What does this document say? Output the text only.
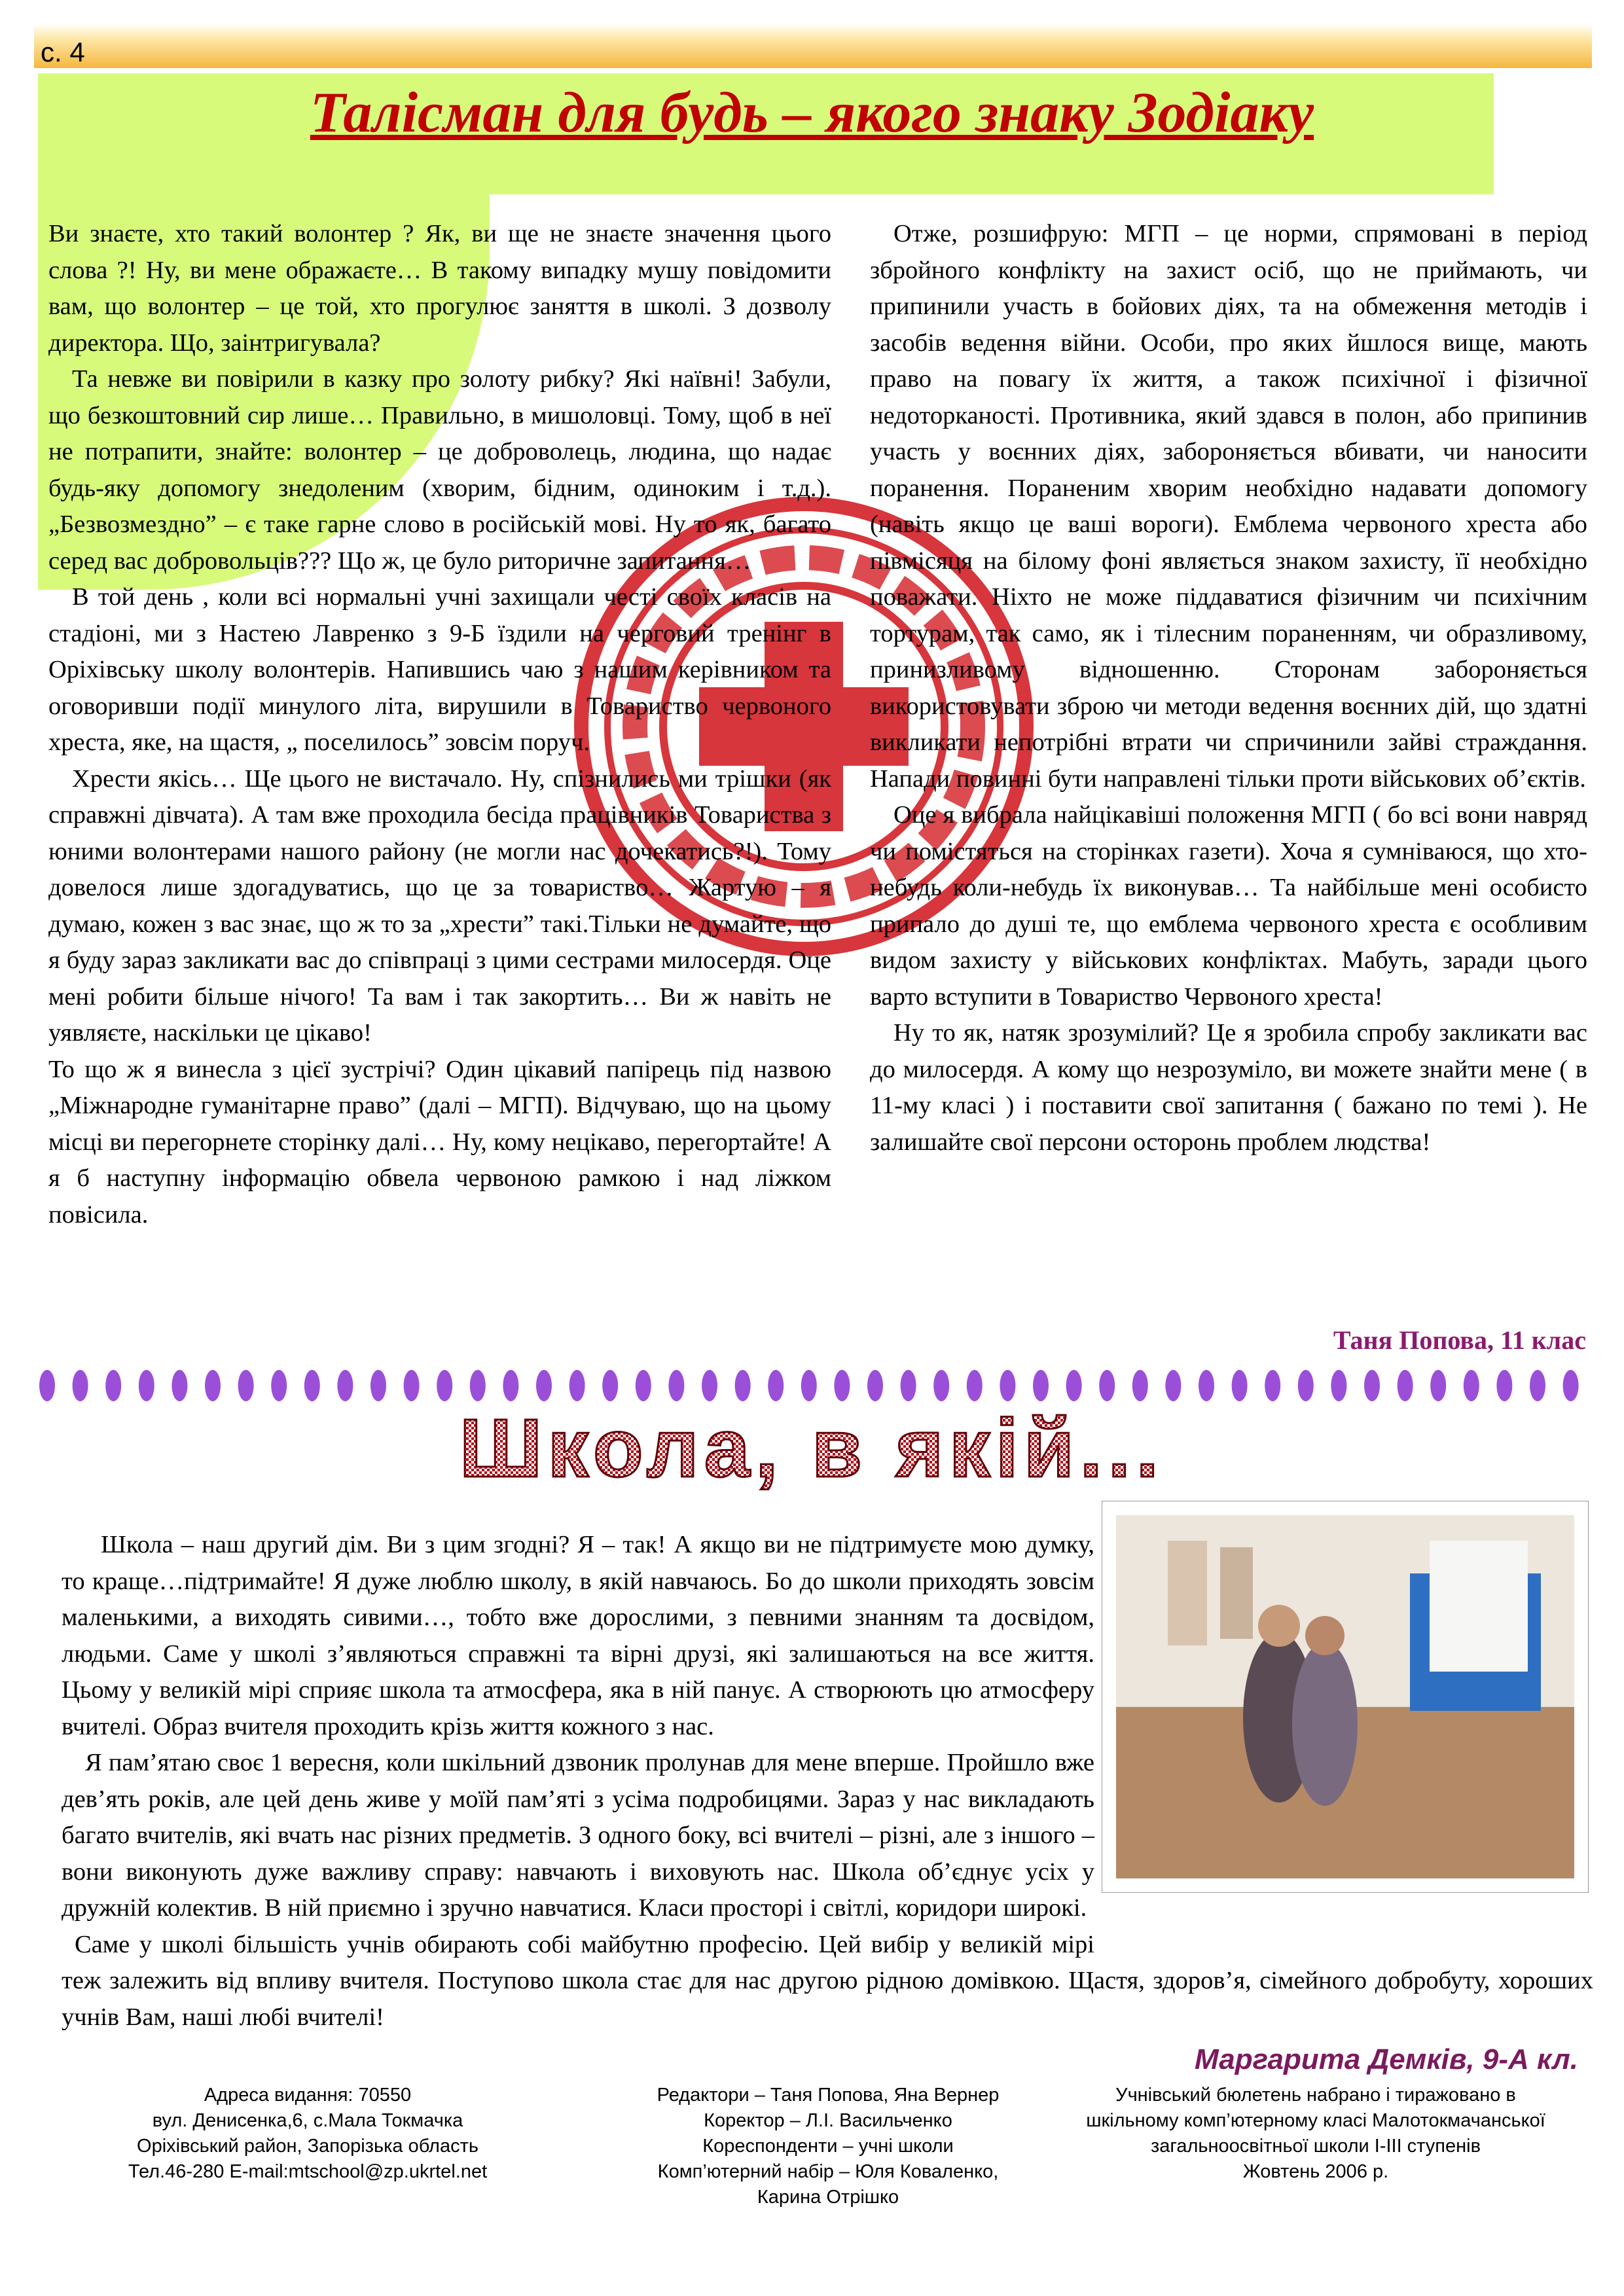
с. 4
Талісман для будь – якого знаку Зодіаку

Ви знаєте, хто такий волонтер ? Як, ви ще не знаєте значення цього слова ?! Ну, ви мене ображаєте… В такому випадку мушу повідомити вам, що волонтер – це той, хто прогулює заняття в школі. З дозволу директора. Що, заінтригувала?

Та невже ви повірили в казку про золоту рибку? Які наївні! Забули, що безкоштовний сир лише… Правильно, в мишоловці. Тому, щоб в неї не потрапити, знайте: волонтер – це доброволець, людина, що надає будь-яку допомогу знедоленим (хворим, бідним, одиноким і т.д.). „Безвозмездно” – є таке гарне слово в російській мові. Ну то як, багато серед вас добровольців??? Що ж, це було риторичне запитання…

В той день , коли всі нормальні учні захищали честі своїх класів на стадіоні, ми з Настею Лавренко з 9-Б їздили на черговий тренінг в Оріхівську школу волонтерів. Напившись чаю з нашим керівником та оговоривши події минулого літа, вирушили в Товариство червоного хреста, яке, на щастя, „ поселилось” зовсім поруч.

Хрести якісь… Ще цього не вистачало. Ну, спізнились ми трішки (як справжні дівчата). А там вже проходила бесіда працівників Товариства з юними волонтерами нашого району (не могли нас дочекатись?!). Тому довелося лише здогадуватись, що це за товариство… Жартую – я думаю, кожен з вас знає, що ж то за „хрести” такі.Тільки не думайте, що я буду зараз закликати вас до співпраці з цими сестрами милосердя. Оце мені робити більше нічого! Та вам і так закортить… Ви ж навіть не уявляєте, наскільки це цікаво!

То що ж я винесла з цієї зустрічі? Один цікавий папірець під назвою „Міжнародне гуманітарне право” (далі – МГП). Відчуваю, що на цьому місці ви перегорнете сторінку далі… Ну, кому нецікаво, перегортайте! А я б наступну інформацію обвела червоною рамкою і над ліжком повісила.

Отже, розшифрую: МГП – це норми, спрямовані в період збройного конфлікту на захист осіб, що не приймають, чи припинили участь в бойових діях, та на обмеження методів і засобів ведення війни. Особи, про яких йшлося вище, мають право на повагу їх життя, а також психічної і фізичної недоторканості. Противника, який здався в полон, або припинив участь у воєнних діях, забороняється вбивати, чи наносити поранення. Пораненим хворим необхідно надавати допомогу (навіть якщо це ваші вороги). Емблема червоного хреста або півмісяця на білому фоні являється знаком захисту, її необхідно поважати. Ніхто не може піддаватися фізичним чи психічним тортурам, так само, як і тілесним пораненням, чи образливому, принизливому відношенню. Сторонам забороняється використовувати зброю чи методи ведення воєнних дій, що здатні викликати непотрібні втрати чи спричинили зайві страждання. Напади повинні бути направлені тільки проти військових об’єктів.

Оце я вибрала найцікавіші положення МГП ( бо всі вони навряд чи помістяться на сторінках газети). Хоча я сумніваюся, що хто-небудь коли-небудь їх виконував… Та найбільше мені особисто припало до душі те, що емблема червоного хреста є особливим видом захисту у військових конфліктах. Мабуть, заради цього варто вступити в Товариство Червоного хреста!

Ну то як, натяк зрозумілий? Це я зробила спробу закликати вас до милосердя. А кому що незрозуміло, ви можете знайти мене ( в 11-му класі ) і поставити свої запитання ( бажано по темі ). Не залишайте свої персони осторонь проблем людства!

Таня Попова, 11 клас
Школа, в якій...

Школа – наш другий дім. Ви з цим згодні? Я – так! А якщо ви не підтримуєте мою думку, то краще…підтримайте! Я дуже люблю школу, в якій навчаюсь. Бо до школи приходять зовсім маленькими, а виходять сивими…, тобто вже дорослими, з певними знанням та досвідом, людьми. Саме у школі з’являються справжні та вірні друзі, які залишаються на все життя. Цьому у великій мірі сприяє школа та атмосфера, яка в ній панує. А створюють цю атмосферу вчителі. Образ вчителя проходить крізь життя кожного з нас.

Я пам’ятаю своє 1 вересня, коли шкільний дзвоник пролунав для мене вперше. Пройшло вже дев’ять років, але цей день живе у моїй пам’яті з усіма подробицями. Зараз у нас викладають багато вчителів, які вчать нас різних предметів. З одного боку, всі вчителі – різні, але з іншого – вони виконують дуже важливу справу: навчають і виховують нас. Школа об’єднує усіх у дружній колектив. В ній приємно і зручно навчатися. Класи просторі і світлі, коридори широкі.

Саме у школі більшість учнів обирають собі майбутню професію. Цей вибір у великій мірі теж залежить від впливу вчителя. Поступово школа стає для нас другою рідною домівкою. Щастя, здоров’я, сімейного добробуту, хороших учнів Вам, наші любі вчителі!

Маргарита Демків, 9-А кл.
Адреса видання: 70550
вул. Денисенка,6, с.Мала Токмачка
Оріхівський район, Запорізька область
Тел.46-280 E-mail:mtschool@zp.ukrtel.net
Редактори – Таня Попова, Яна Вернер
Коректор – Л.І. Васильченко
Кореспонденти – учні школи
Комп’ютерний набір – Юля Коваленко,
Карина Отрішко
Учнівський бюлетень набрано і тиражовано в
шкільному комп’ютерному класі Малотокмачанської
загальноосвітньої школи І-ІІІ ступенів
Жовтень 2006 р.
